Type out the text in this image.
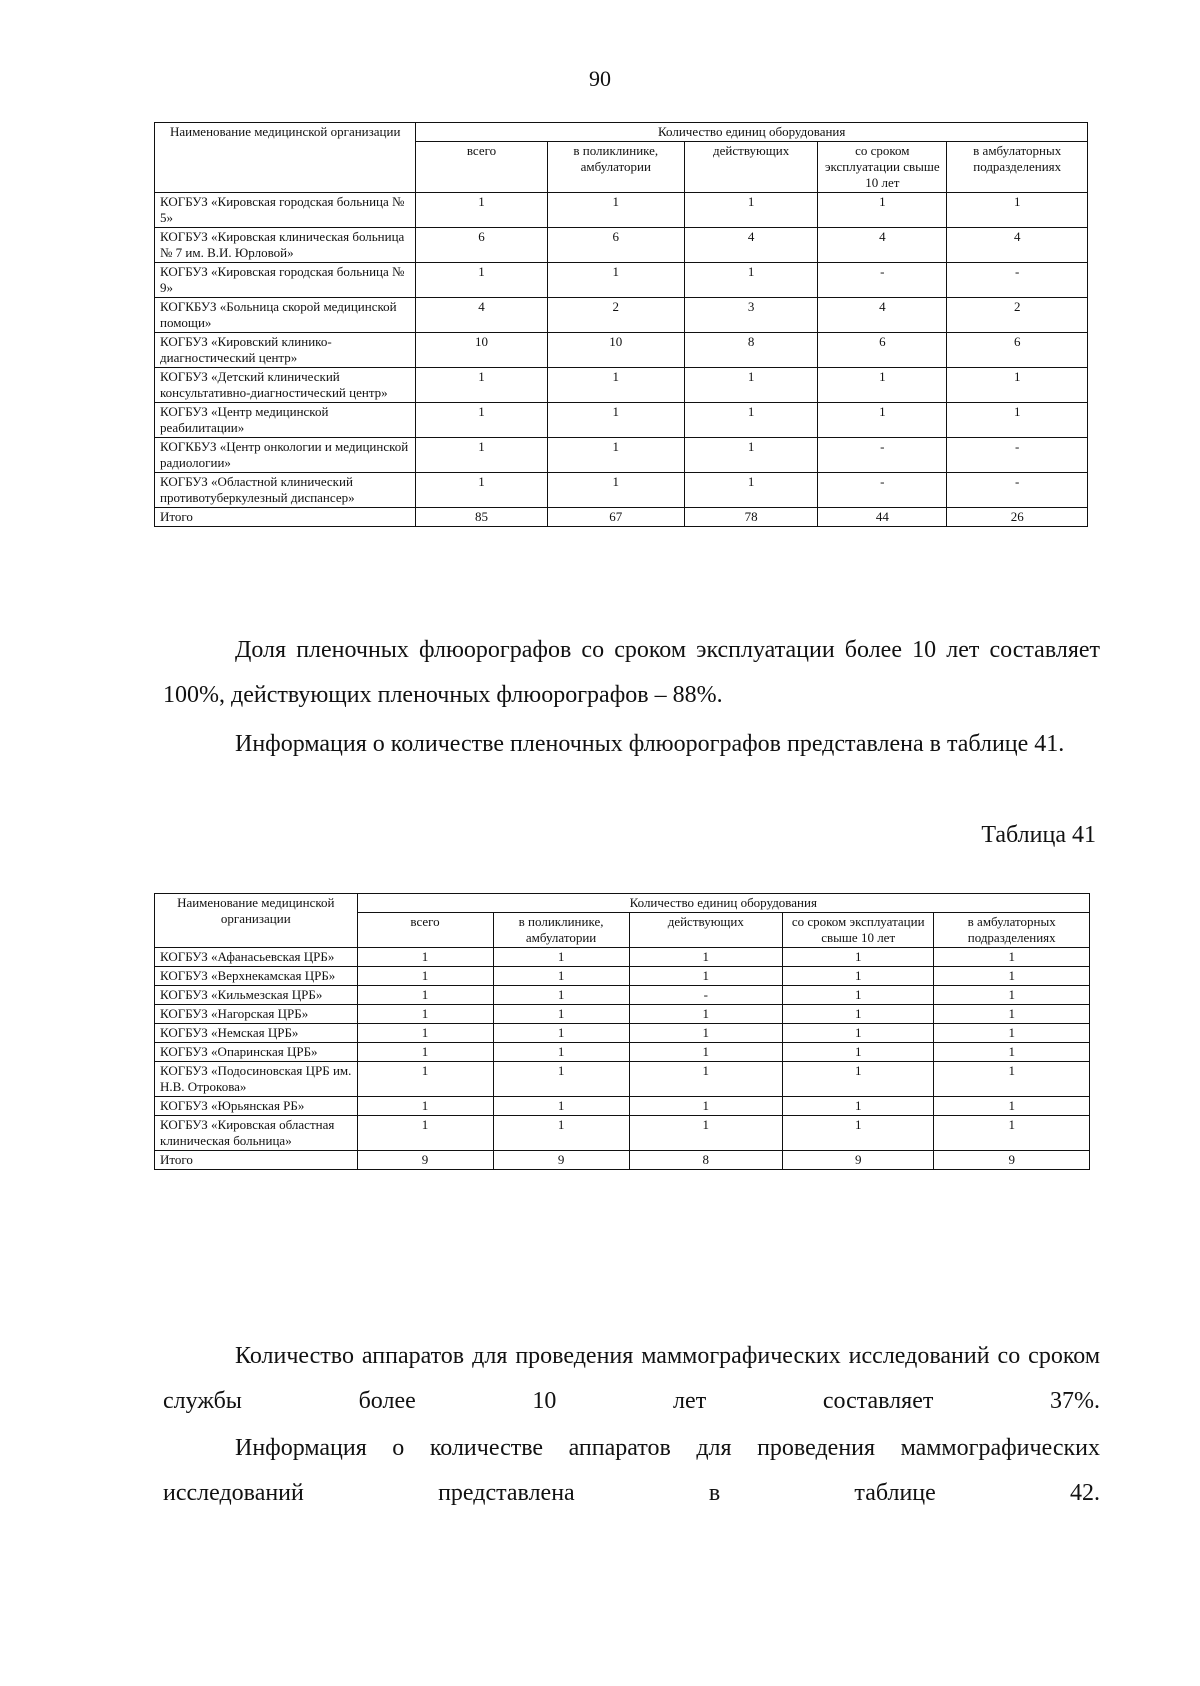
90
Наименование медицинской организации	Количество единиц оборудования				
	всего	в поликлинике, амбулатории	действующих	со сроком эксплуатации свыше 10 лет	в амбулаторных подразделениях
КОГБУЗ «Кировская городская больница № 5»	1	1	1	1	1
КОГБУЗ «Кировская клиническая больница № 7 им. В.И. Юрловой»	6	6	4	4	4
КОГБУЗ «Кировская городская больница № 9»	1	1	1	-	-
КОГКБУЗ «Больница скорой медицинской помощи»	4	2	3	4	2
КОГБУЗ «Кировский клинико-диагностический центр»	10	10	8	6	6
КОГБУЗ «Детский клинический консультативно-диагностический центр»	1	1	1	1	1
КОГБУЗ «Центр медицинской реабилитации»	1	1	1	1	1
КОГКБУЗ «Центр онкологии и медицинской радиологии»	1	1	1	-	-
КОГБУЗ «Областной клинический противотуберкулезный диспансер»	1	1	1	-	-
Итого	85	67	78	44	26

Доля пленочных флюорографов со сроком эксплуатации более 10 лет составляет 100%, действующих пленочных флюорографов – 88%.

Информация о количестве пленочных флюорографов представлена в таблице 41.

Таблица 41
Наименование медицинской организации	Количество единиц оборудования				
	всего	в поликлинике, амбулатории	действующих	со сроком эксплуатации свыше 10 лет	в амбулаторных подразделениях
КОГБУЗ «Афанасьевская ЦРБ»	1	1	1	1	1
КОГБУЗ «Верхнекамская ЦРБ»	1	1	1	1	1
КОГБУЗ «Кильмезская ЦРБ»	1	1	-	1	1
КОГБУЗ «Нагорская ЦРБ»	1	1	1	1	1
КОГБУЗ «Немская ЦРБ»	1	1	1	1	1
КОГБУЗ «Опаринская ЦРБ»	1	1	1	1	1
КОГБУЗ «Подосиновская ЦРБ им. Н.В. Отрокова»	1	1	1	1	1
КОГБУЗ «Юрьянская РБ»	1	1	1	1	1
КОГБУЗ «Кировская областная клиническая больница»	1	1	1	1	1
Итого	9	9	8	9	9

Количество аппаратов для проведения маммографических исследований со сроком службы более 10 лет составляет 37%.

Информация о количестве аппаратов для проведения маммографических исследований представлена в таблице 42.
